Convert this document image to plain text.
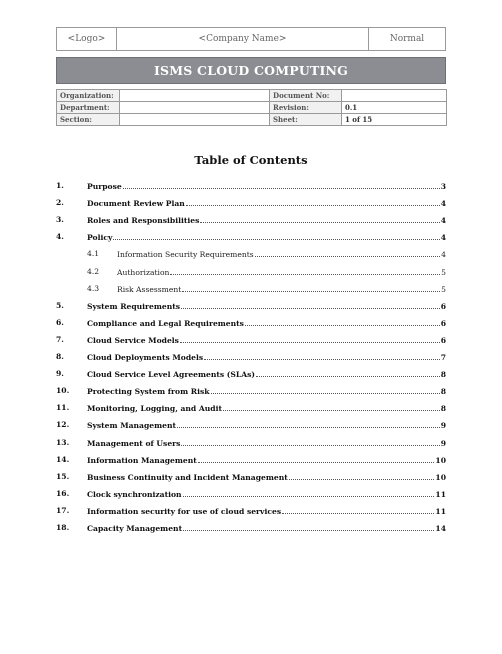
<Logo>	<Company Name>	Normal
ISMS CLOUD COMPUTING
Organization:		Document No:	
Department:		Revision:	0.1
Section:		Sheet:	1 of 15
Table of Contents
1.	Purpose	3
2.	Document Review Plan	4
3.	Roles and Responsibilities	4
4.	Policy	4
4.1 Information Security Requirements	4
4.2 Authorization	5
4.3 Risk Assessment	5
5.	System Requirements	6
6.	Compliance and Legal Requirements	6
7.	Cloud Service Models	6
8.	Cloud Deployments Models	7
9.	Cloud Service Level Agreements (SLAs)	8
10. Protecting System from Risk	8
11. Monitoring, Logging, and Audit	8
12. System Management	9
13. Management of Users	9
14. Information Management	10
15. Business Continuity and Incident Management	10
16. Clock synchronization	11
17. Information security for use of cloud services	11
18. Capacity Management	14
